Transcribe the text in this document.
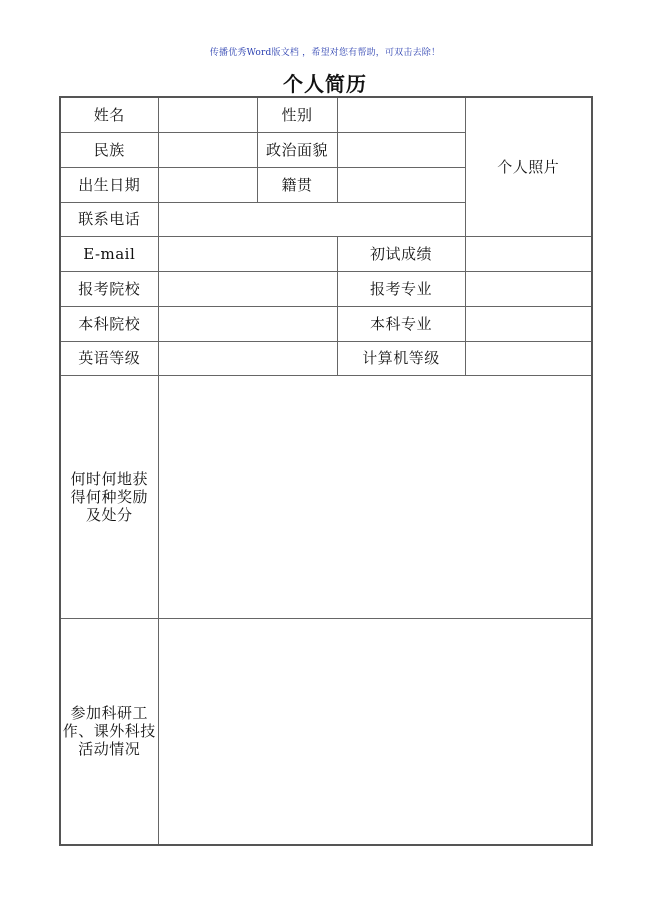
传播优秀Word版文档 ，希望对您有帮助，可双击去除！
个人简历
姓名		性别		个人照片
民族		政治面貌		
出生日期		籍贯		
联系电话				
E-mail			初试成绩	
报考院校			报考专业	
本科院校			本科专业	
英语等级			计算机等级	

何时何地获
得何种奖励
及处分				

参加科研工
作、课外科技
活动情况				
